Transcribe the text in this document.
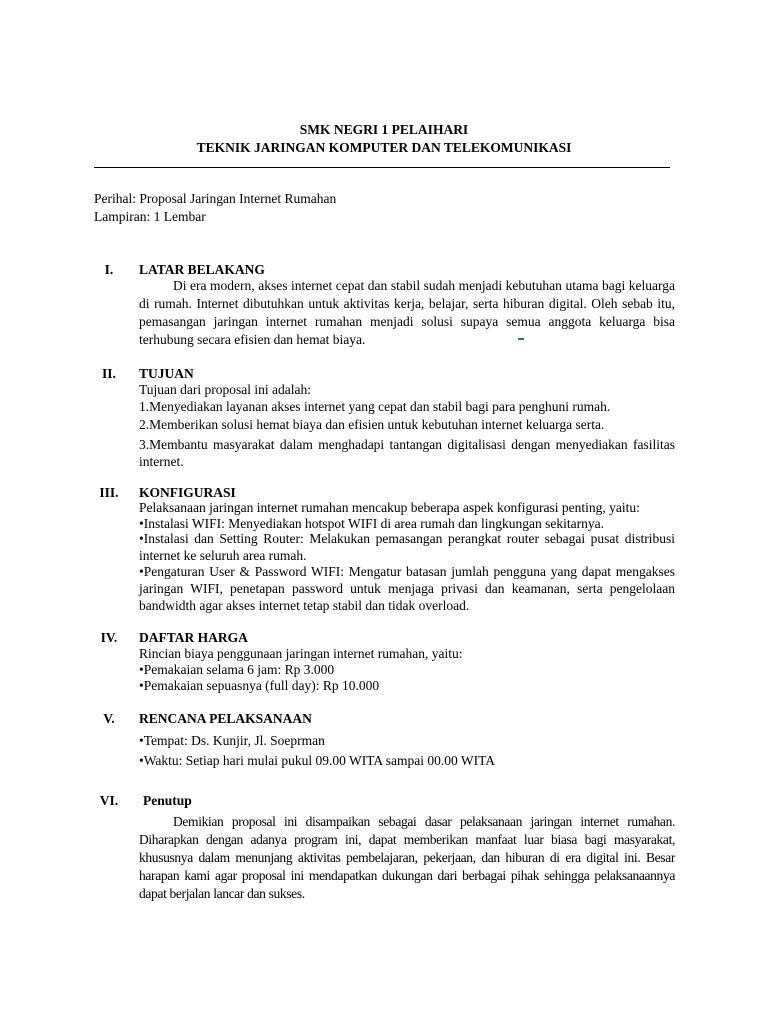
SMK NEGRI 1 PELAIHARI
TEKNIK JARINGAN KOMPUTER DAN TELEKOMUNIKASI
Perihal: Proposal Jaringan Internet Rumahan
Lampiran: 1 Lembar
I.	LATAR BELAKANG
Di era modern, akses internet cepat dan stabil sudah menjadi kebutuhan utama bagi keluarga di rumah. Internet dibutuhkan untuk aktivitas kerja, belajar, serta hiburan digital. Oleh sebab itu, pemasangan jaringan internet rumahan menjadi solusi supaya semua anggota keluarga bisa terhubung secara efisien dan hemat biaya.
II.	TUJUAN
Tujuan dari proposal ini adalah:
1.Menyediakan layanan akses internet yang cepat dan stabil bagi para penghuni rumah.
2.Memberikan solusi hemat biaya dan efisien untuk kebutuhan internet keluarga serta.
3.Membantu masyarakat dalam menghadapi tantangan digitalisasi dengan menyediakan fasilitas internet.
III.	KONFIGURASI
Pelaksanaan jaringan internet rumahan mencakup beberapa aspek konfigurasi penting, yaitu:
•Instalasi WIFI: Menyediakan hotspot WIFI di area rumah dan lingkungan sekitarnya.
•Instalasi dan Setting Router: Melakukan pemasangan perangkat router sebagai pusat distribusi internet ke seluruh area rumah.
•Pengaturan User & Password WIFI: Mengatur batasan jumlah pengguna yang dapat mengakses jaringan WIFI, penetapan password untuk menjaga privasi dan keamanan, serta pengelolaan bandwidth agar akses internet tetap stabil dan tidak overload.
IV.	DAFTAR HARGA
Rincian biaya penggunaan jaringan internet rumahan, yaitu:
•Pemakaian selama 6 jam: Rp 3.000
•Pemakaian sepuasnya (full day): Rp 10.000
V.	RENCANA PELAKSANAAN
•Tempat: Ds. Kunjir, Jl. Soeprman
•Waktu: Setiap hari mulai pukul 09.00 WITA sampai 00.00 WITA
VI.	Penutup
Demikian proposal ini disampaikan sebagai dasar pelaksanaan jaringan internet rumahan. Diharapkan dengan adanya program ini, dapat memberikan manfaat luar biasa bagi masyarakat, khususnya dalam menunjang aktivitas pembelajaran, pekerjaan, dan hiburan di era digital ini. Besar harapan kami agar proposal ini mendapatkan dukungan dari berbagai pihak sehingga pelaksanaannya dapat berjalan lancar dan sukses.
